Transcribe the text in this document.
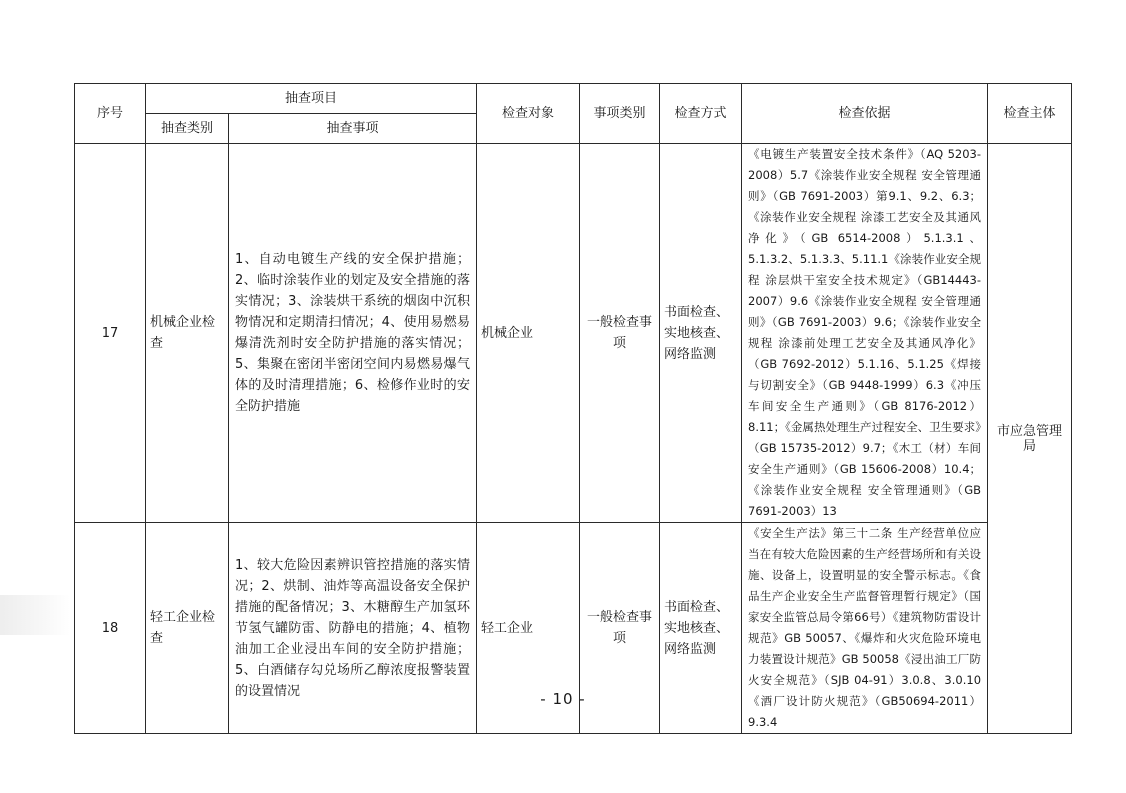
序号	抽查项目		检查对象	事项类别	检查方式	检查依据	检查主体
	抽查类别	抽查事项					
17	机械企业检查	1、自动电镀生产线的安全保护措施；2、临时涂装作业的划定及安全措施的落实情况；3、涂装烘干系统的烟囱中沉积物情况和定期清扫情况；4、使用易燃易爆清洗剂时安全防护措施的落实情况；5、集聚在密闭半密闭空间内易燃易爆气体的及时清理措施；6、检修作业时的安全防护措施	机械企业	一般检查事项	书面检查、实地核查、网络监测	《电镀生产装置安全技术条件》（AQ 5203-2008）5.7《涂装作业安全规程 安全管理通则》（GB 7691-2003）第9.1、9.2、6.3；《涂装作业安全规程 涂漆工艺安全及其通风净化》（GB 6514-2008）5.1.3.1、5.1.3.2、5.1.3.3、5.11.1《涂装作业安全规程 涂层烘干室安全技术规定》（GB14443-2007）9.6《涂装作业安全规程 安全管理通则》（GB 7691-2003）9.6；《涂装作业安全规程 涂漆前处理工艺安全及其通风净化》（GB 7692-2012）5.1.16、5.1.25《焊接与切割安全》（GB 9448-1999）6.3《冲压车间安全生产通则》（GB 8176-2012）8.11；《金属热处理生产过程安全、卫生要求》（GB 15735-2012）9.7；《木工（材）车间安全生产通则》（GB 15606-2008）10.4；《涂装作业安全规程 安全管理通则》（GB 7691-2003）13	市应急管理局

18	轻工企业检查	1、较大危险因素辨识管控措施的落实情况；2、烘制、油炸等高温设备安全保护措施的配备情况；3、木糖醇生产加氢环节氢气罐防雷、防静电的措施；4、植物油加工企业浸出车间的安全防护措施；5、白酒储存勾兑场所乙醇浓度报警装置的设置情况	轻工企业	一般检查事项	书面检查、实地核查、网络监测	《安全生产法》第三十二条 生产经营单位应当在有较大危险因素的生产经营场所和有关设施、设备上，设置明显的安全警示标志。《食品生产企业安全生产监督管理暂行规定》（国家安全监管总局令第66号）《建筑物防雷设计规范》GB 50057、《爆炸和火灾危险环境电力装置设计规范》GB 50058《浸出油工厂防火安全规范》（SJB 04-91）3.0.8、3.0.10《酒厂设计防火规范》（GB50694-2011）9.3.4	
- 10 -
